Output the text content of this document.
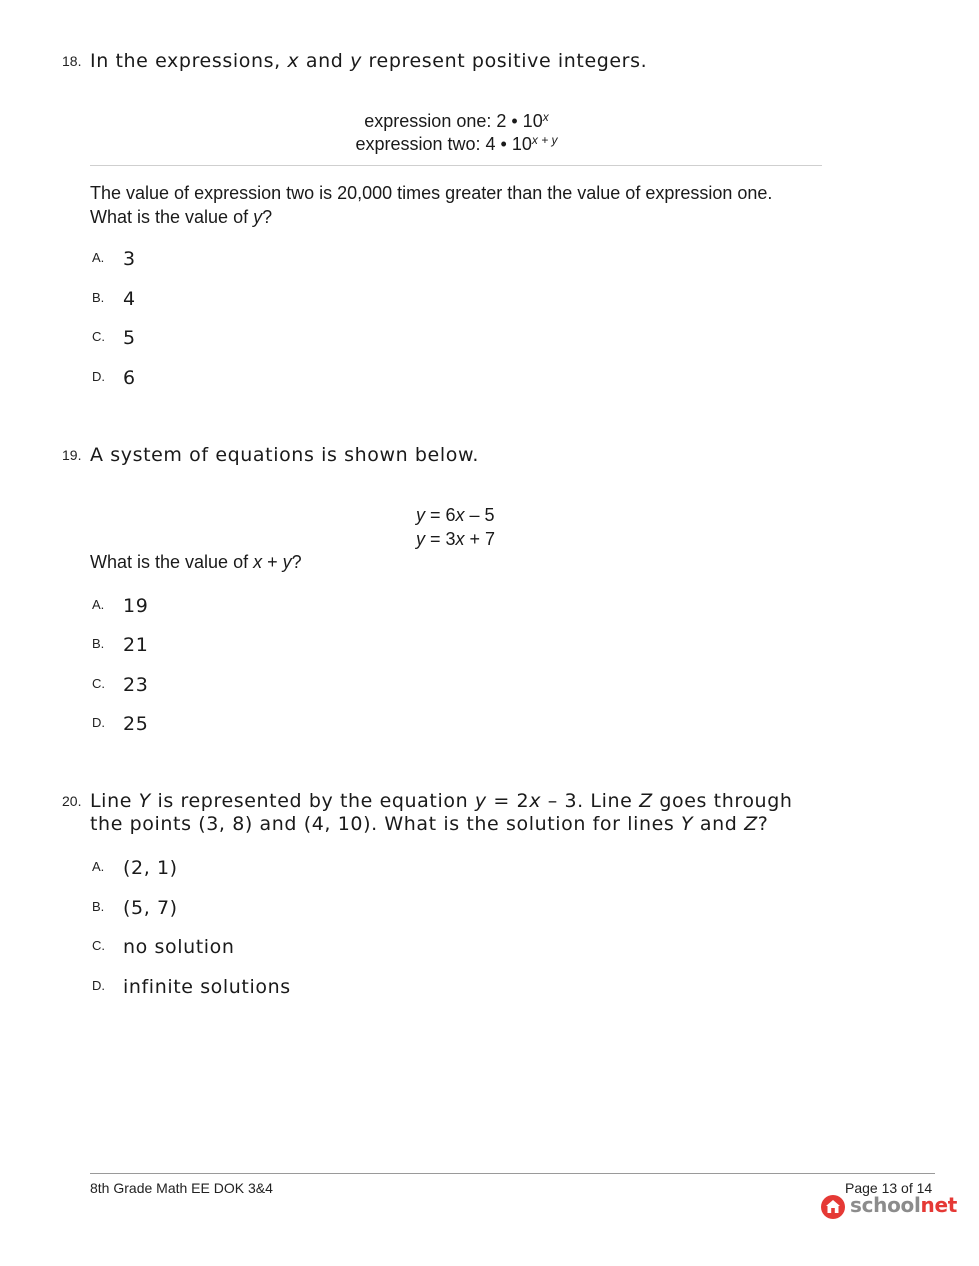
18. In the expressions, x and y represent positive integers.
expression one: 2 • 10$^x$
expression two: 4 • $10^{x + y}$
The value of expression two is 20,000 times greater than the value of expression one.
What is the value of y?
A. 3
B. 4
C. 5
D. 6
19. A system of equations is shown below.
y = 6x – 5
y = 3x + 7
What is the value of x + y?
A. 19
B. 21
C. 23
D. 25
20. Line Y is represented by the equation y = 2x – 3. Line Z goes through
the points (3, 8) and (4, 10). What is the solution for lines Y and Z?
A. (2, 1)
B. (5, 7)
C. no solution
D. infinite solutions
8th Grade Math EE DOK 3&4	Page 13 of 14
schoolnet
